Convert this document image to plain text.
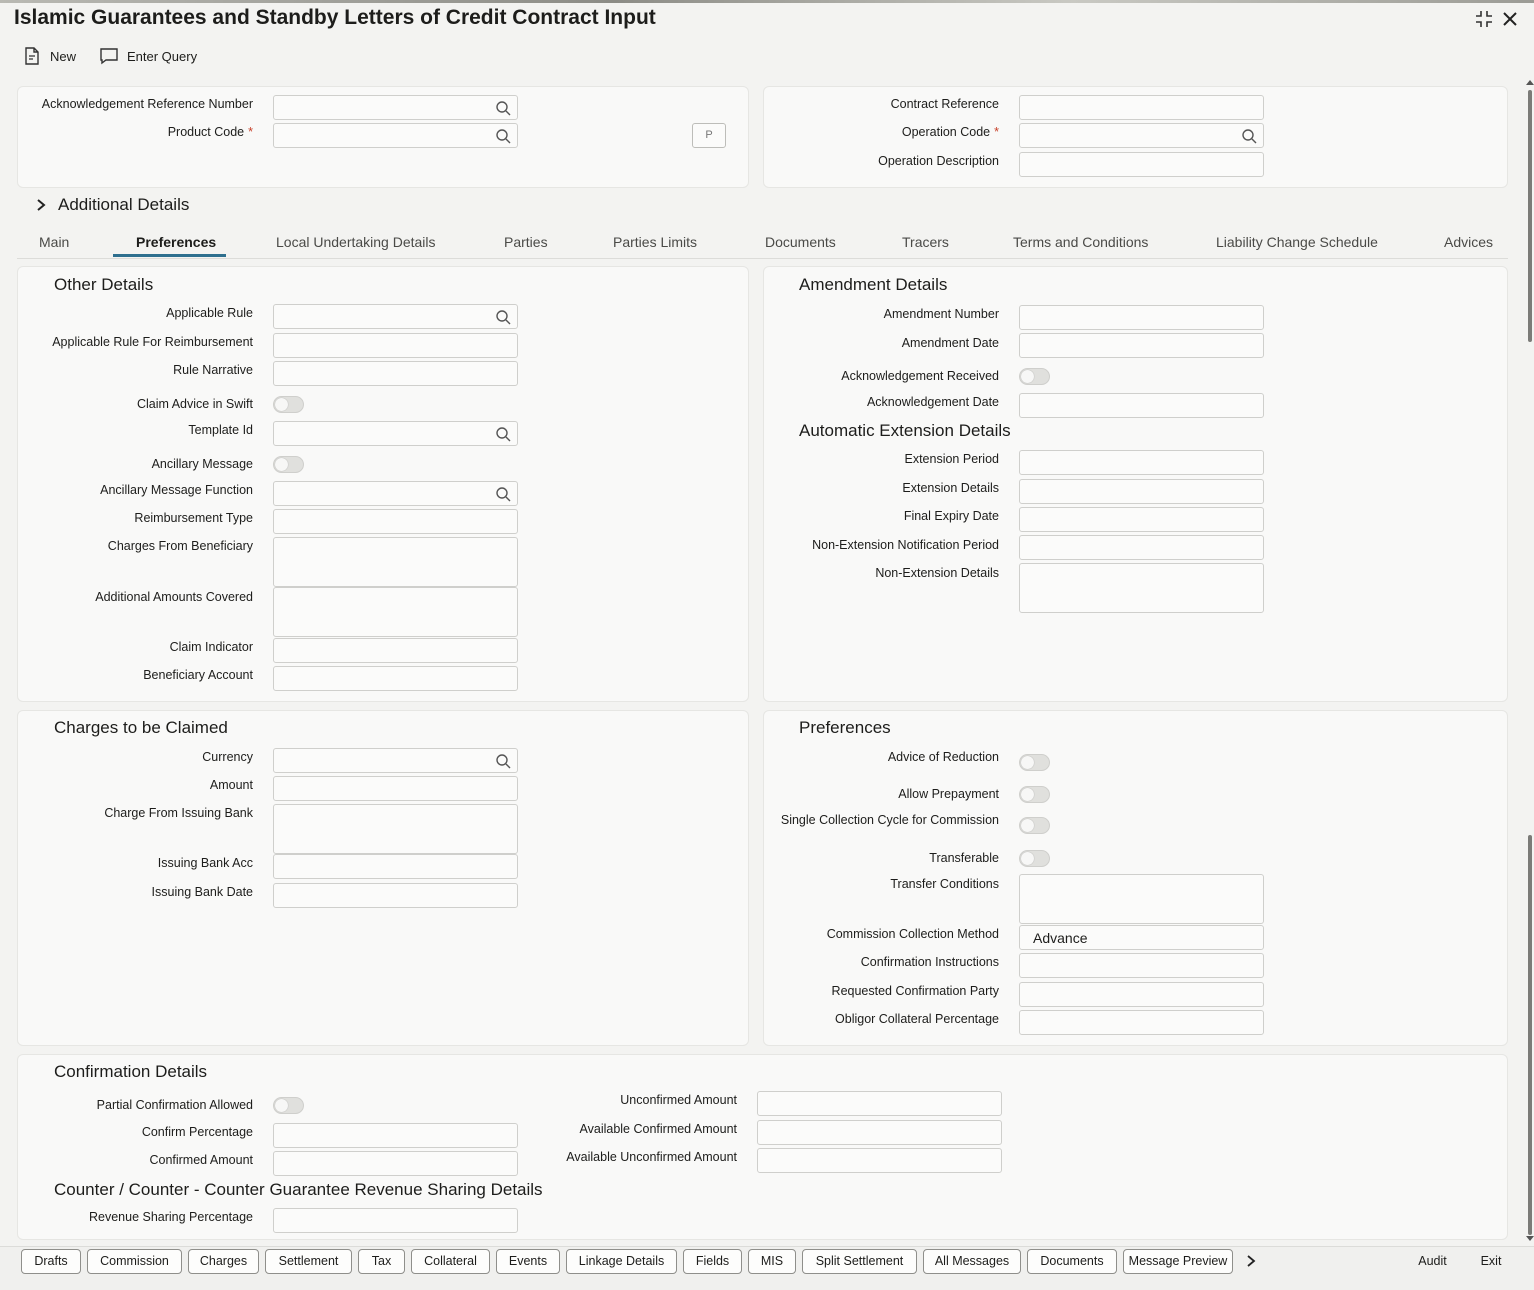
Islamic Guarantees and Standby Letters of Credit Contract Input
New	Enter Query
Acknowledgement Reference Number
Product Code *	P
Contract Reference
Operation Code *
Operation Description
Additional Details
Main	Preferences	Local Undertaking Details	Parties	Parties Limits	Documents	Tracers	Terms and Conditions	Liability Change Schedule	Advices
Other Details
Applicable Rule
Applicable Rule For Reimbursement
Rule Narrative
Claim Advice in Swift
Template Id
Ancillary Message
Ancillary Message Function
Reimbursement Type
Charges From Beneficiary
Additional Amounts Covered
Claim Indicator
Beneficiary Account
Amendment Details
Amendment Number
Amendment Date
Acknowledgement Received
Acknowledgement Date
Automatic Extension Details
Extension Period
Extension Details
Final Expiry Date
Non-Extension Notification Period
Non-Extension Details
Charges to be Claimed
Currency
Amount
Charge From Issuing Bank
Issuing Bank Acc
Issuing Bank Date
Preferences
Advice of Reduction
Allow Prepayment
Single Collection Cycle for Commission
Transferable
Transfer Conditions
Commission Collection Method Advance
Confirmation Instructions
Requested Confirmation Party
Obligor Collateral Percentage
Confirmation Details
Partial Confirmation Allowed
Confirm Percentage
Confirmed Amount
Unconfirmed Amount
Available Confirmed Amount
Available Unconfirmed Amount
Counter / Counter - Counter Guarantee Revenue Sharing Details
Revenue Sharing Percentage
Drafts	Commission	Charges	Settlement	Tax	Collateral	Events	Linkage Details	Fields	MIS	Split Settlement	All Messages	Documents	Message Preview	Audit	Exit
